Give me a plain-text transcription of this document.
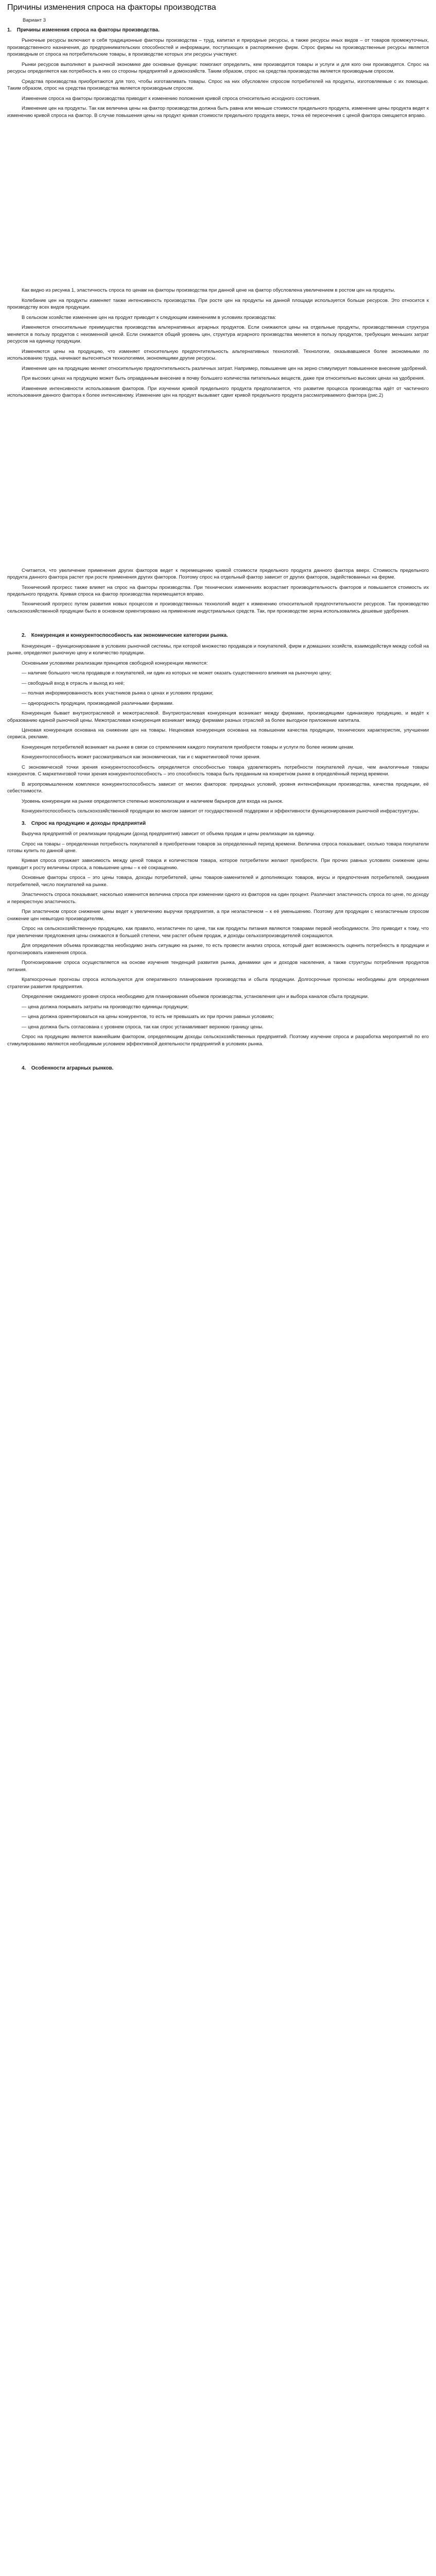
Причины изменения спроса на факторы производства
Вариант 3
1. Причины изменения спроса на факторы производства.

Рыночные ресурсы включают в себя традиционные факторы производства – труд, капитал и природные ресурсы, а также ресурсы иных видов – от товаров промежуточных, производственного назначения, до предпринимательских способностей и информации, поступающих в распоряжение фирм. Спрос фирмы на производственные ресурсы является производным от спроса на потребительские товары, в производстве которых эти ресурсы участвуют.

Рынки ресурсов выполняют в рыночной экономике две основные функции: помогают определить, кем производится товары и услуги и для кого они производятся. Спрос на ресурсы определяется как потребность в них со стороны предприятий и домохозяйств. Таким образом, спрос на средства производства является производным спросом.

Средства производства приобретаются для того, чтобы изготавливать товары. Спрос на них обусловлен спросом потребителей на продукты, изготовляемые с их помощью. Таким образом, спрос на средства производства является производным спросом.

Изменение спроса на факторы производства приводит к изменению положения кривой спроса относительно исходного состояния.

Изменение цен на продукты. Так как величина цены на фактор производства должна быть равна или меньше стоимости предельного продукта, изменение цены продукта ведет к изменению кривой спроса на фактор. В случае повышения цены на продукт кривая стоимости предельного продукта вверх, точка её пересечения с ценой фактора смещается вправо.

Как видно из рисунка 1, эластичность спроса по ценам на факторы производства при данной цене на фактор обусловлена увеличением в ростом цен на продукты.

Колебание цен на продукты изменяет также интенсивность производства. При росте цен на продукты на данной площади используется больше ресурсов. Это относится к производству всех видов продукции.

В сельском хозяйстве изменение цен на продукт приводит к следующим изменениям в условиях производства:

Изменяются относительные преимущества производства альтернативных аграрных продуктов. Если снижаются цены на отдельные продукты, производственная структура меняется в пользу продуктов с неизменной ценой. Если снижается общий уровень цен, структура аграрного производства меняется в пользу продуктов, требующих меньших затрат ресурсов на единицу продукции.

Изменяются цены на продукцию, что изменяет относительную предпочтительность альтернативных технологий. Технологии, оказывавшиеся более экономными по использованию труда, начинают вытесняться технологиями, экономящими другие ресурсы.

Изменение цен на продукцию меняет относительную предпочтительность различных затрат. Например, повышение цен на зерно стимулирует повышенное внесение удобрений.

При высоких ценах на продукцию может быть оправданным внесение в почву большего количества питательных веществ, даже при относительно высоких ценах на удобрения.

Изменение интенсивности использования факторов. При изучении кривой предельного продукта предполагается, что развитие процесса производства идёт от частичного использования данного фактора к более интенсивному. Изменение цен на продукт вызывает сдвиг кривой предельного продукта рассматриваемого фактора (рис.2)

Считается, что увеличение применения других факторов ведет к перемещению кривой стоимости предельного продукта данного фактора вверх. Стоимость предельного продукта данного фактора растет при росте применения других факторов. Поэтому спрос на отдельный фактор зависит от других факторов, задействованных на ферме.

Технический прогресс также влияет на спрос на факторы производства. При технических изменениях возрастает производительность факторов и повышается стоимость их предельного продукта. Кривая спроса на фактор производства перемещается вправо.

Технический прогресс путем развития новых процессов и производственных технологий ведет к изменению относительной предпочтительности ресурсов. Так производство сельскохозяйственной продукции было в основном ориентировано на применение индустриальных средств. Так, при производстве зерна использовались дешевые удобрения.

2. Конкуренция и конкурентоспособность как экономические категории рынка.

Конкуренция – функционирование в условиях рыночной системы, при которой множество продавцов и покупателей, фирм и домашних хозяйств, взаимодействуя между собой на рынке, определяют рыночную цену и количество продукции.

Основными условиями реализации принципов свободной конкуренции являются:

— наличие большого числа продавцов и покупателей, ни один из которых не может оказать существенного влияния на рыночную цену;

— свободный вход в отрасль и выход из неё;

— полная информированность всех участников рынка о ценах и условиях продажи;

— однородность продукции, производимой различными фирмами.

Конкуренция бывает внутриотраслевой и межотраслевой. Внутриотраслевая конкуренция возникает между фирмами, производящими одинаковую продукцию, и ведёт к образованию единой рыночной цены. Межотраслевая конкуренция возникает между фирмами разных отраслей за более выгодное приложение капитала.

Ценовая конкуренция основана на снижении цен на товары. Неценовая конкуренция основана на повышении качества продукции, технических характеристик, улучшении сервиса, рекламе.

Конкуренция потребителей возникает на рынке в связи со стремлением каждого покупателя приобрести товары и услуги по более низким ценам.

Конкурентоспособность может рассматриваться как экономическая, так и с маркетинговой точки зрения.

С экономической точки зрения конкурентоспособность определяется способностью товара удовлетворять потребности покупателей лучше, чем аналогичные товары конкурентов. С маркетинговой точки зрения конкурентоспособность – это способность товара быть проданным на конкретном рынке в определённый период времени.

В агропромышленном комплексе конкурентоспособность зависит от многих факторов: природных условий, уровня интенсификации производства, качества продукции, её себестоимости.

Уровень конкуренции на рынке определяется степенью монополизации и наличием барьеров для входа на рынок.

Конкурентоспособность сельскохозяйственной продукции во многом зависит от государственной поддержки и эффективности функционирования рыночной инфраструктуры.

3. Спрос на продукцию и доходы предприятий

Выручка предприятий от реализации продукции (доход предприятия) зависит от объема продаж и цены реализации за единицу.

Спрос на товары – определенная потребность покупателей в приобретении товаров за определенный период времени. Величина спроса показывает, сколько товара покупатели готовы купить по данной цене.

Кривая спроса отражает зависимость между ценой товара и количеством товара, которое потребители желают приобрести. При прочих равных условиях снижение цены приводит к росту величины спроса, а повышение цены – к её сокращению.

Основные факторы спроса – это цены товара, доходы потребителей, цены товаров-заменителей и дополняющих товаров, вкусы и предпочтения потребителей, ожидания потребителей, число покупателей на рынке.

Эластичность спроса показывает, насколько изменится величина спроса при изменении одного из факторов на один процент. Различают эластичность спроса по цене, по доходу и перекрестную эластичность.

При эластичном спросе снижение цены ведет к увеличению выручки предприятия, а при неэластичном – к её уменьшению. Поэтому для продукции с неэластичным спросом снижение цен невыгодно производителям.

Спрос на сельскохозяйственную продукцию, как правило, неэластичен по цене, так как продукты питания являются товарами первой необходимости. Это приводит к тому, что при увеличении предложения цены снижаются в большей степени, чем растет объем продаж, и доходы сельхозпроизводителей сокращаются.

Для определения объема производства необходимо знать ситуацию на рынке, то есть провести анализ спроса, который дает возможность оценить потребность в продукции и прогнозировать изменения спроса.

Прогнозирование спроса осуществляется на основе изучения тенденций развития рынка, динамики цен и доходов населения, а также структуры потребления продуктов питания.

Краткосрочные прогнозы спроса используются для оперативного планирования производства и сбыта продукции. Долгосрочные прогнозы необходимы для определения стратегии развития предприятия.

Определение ожидаемого уровня спроса необходимо для планирования объемов производства, установления цен и выбора каналов сбыта продукции.

— цена должна покрывать затраты на производство единицы продукции;

— цена должна ориентироваться на цены конкурентов, то есть не превышать их при прочих равных условиях;

— цена должна быть согласована с уровнем спроса, так как спрос устанавливает верхнюю границу цены.

Спрос на продукцию является важнейшим фактором, определяющим доходы сельскохозяйственных предприятий. Поэтому изучение спроса и разработка мероприятий по его стимулированию являются необходимым условием эффективной деятельности предприятий в условиях рынка.

4. Особенности аграрных рынков.
